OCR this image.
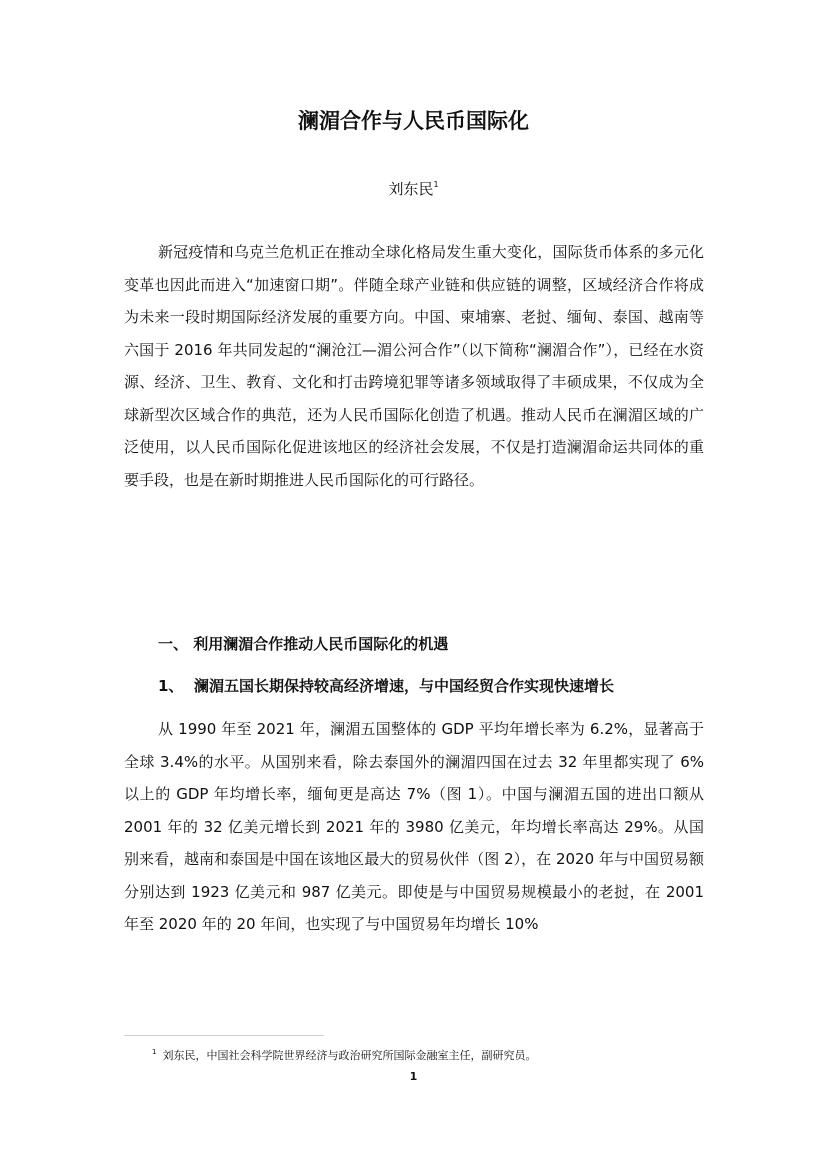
澜湄合作与人民币国际化
刘东民$^1$

新冠疫情和乌克兰危机正在推动全球化格局发生重大变化，国际货币体系的多元化变革也因此而进入“加速窗口期”。伴随全球产业链和供应链的调整，区域经济合作将成为未来一段时期国际经济发展的重要方向。中国、柬埔寨、老挝、缅甸、泰国、越南等六国于 2016 年共同发起的“澜沧江—湄公河合作”（以下简称“澜湄合作”），已经在水资源、经济、卫生、教育、文化和打击跨境犯罪等诸多领域取得了丰硕成果，不仅成为全球新型次区域合作的典范，还为人民币国际化创造了机遇。推动人民币在澜湄区域的广泛使用，以人民币国际化促进该地区的经济社会发展，不仅是打造澜湄命运共同体的重要手段，也是在新时期推进人民币国际化的可行路径。

一、 利用澜湄合作推动人民币国际化的机遇

1、 澜湄五国长期保持较高经济增速，与中国经贸合作实现快速增长

从 1990 年至 2021 年，澜湄五国整体的 GDP 平均年增长率为 6.2%，显著高于全球 3.4%的水平。从国别来看，除去泰国外的澜湄四国在过去 32 年里都实现了 6%以上的 GDP 年均增长率，缅甸更是高达 7%（图 1）。中国与澜湄五国的进出口额从 2001 年的 32 亿美元增长到 2021 年的 3980 亿美元，年均增长率高达 29%。从国别来看，越南和泰国是中国在该地区最大的贸易伙伴（图 2），在 2020 年与中国贸易额分别达到 1923 亿美元和 987 亿美元。即使是与中国贸易规模最小的老挝，在 2001 年至 2020 年的 20 年间，也实现了与中国贸易年均增长 10%

$^1$ 刘东民，中国社会科学院世界经济与政治研究所国际金融室主任，副研究员。

1
